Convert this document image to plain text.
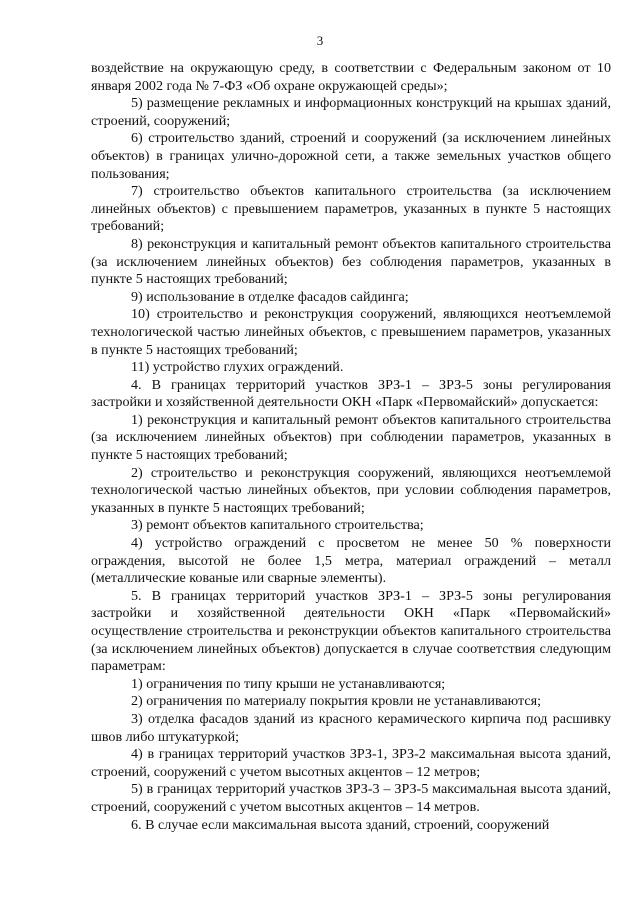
3

воздействие на окружающую среду, в соответствии с Федеральным законом от 10 января 2002 года № 7-ФЗ «Об охране окружающей среды»;

5) размещение рекламных и информационных конструкций на крышах зданий, строений, сооружений;

6) строительство зданий, строений и сооружений (за исключением линейных объектов) в границах улично-дорожной сети, а также земельных участков общего пользования;

7) строительство объектов капитального строительства (за исключением линейных объектов) с превышением параметров, указанных в пункте 5 настоящих требований;

8) реконструкция и капитальный ремонт объектов капитального строительства (за исключением линейных объектов) без соблюдения параметров, указанных в пункте 5 настоящих требований;

9) использование в отделке фасадов сайдинга;

10) строительство и реконструкция сооружений, являющихся неотъемлемой технологической частью линейных объектов, с превышением параметров, указанных в пункте 5 настоящих требований;

11) устройство глухих ограждений.

4. В границах территорий участков ЗРЗ-1 – ЗРЗ-5 зоны регулирования застройки и хозяйственной деятельности ОКН «Парк «Первомайский» допускается:

1) реконструкция и капитальный ремонт объектов капитального строительства (за исключением линейных объектов) при соблюдении параметров, указанных в пункте 5 настоящих требований;

2) строительство и реконструкция сооружений, являющихся неотъемлемой технологической частью линейных объектов, при условии соблюдения параметров, указанных в пункте 5 настоящих требований;

3) ремонт объектов капитального строительства;

4) устройство ограждений с просветом не менее 50 % поверхности ограждения, высотой не более 1,5 метра, материал ограждений – металл (металлические кованые или сварные элементы).

5. В границах территорий участков ЗРЗ-1 – ЗРЗ-5 зоны регулирования застройки и хозяйственной деятельности ОКН «Парк «Первомайский» осуществление строительства и реконструкции объектов капитального строительства (за исключением линейных объектов) допускается в случае соответствия следующим параметрам:

1) ограничения по типу крыши не устанавливаются;

2) ограничения по материалу покрытия кровли не устанавливаются;

3) отделка фасадов зданий из красного керамического кирпича под расшивку швов либо штукатуркой;

4) в границах территорий участков ЗРЗ-1, ЗРЗ-2 максимальная высота зданий, строений, сооружений с учетом высотных акцентов – 12 метров;

5) в границах территорий участков ЗРЗ-3 – ЗРЗ-5 максимальная высота зданий, строений, сооружений с учетом высотных акцентов – 14 метров.

6. В случае если максимальная высота зданий, строений, сооружений
